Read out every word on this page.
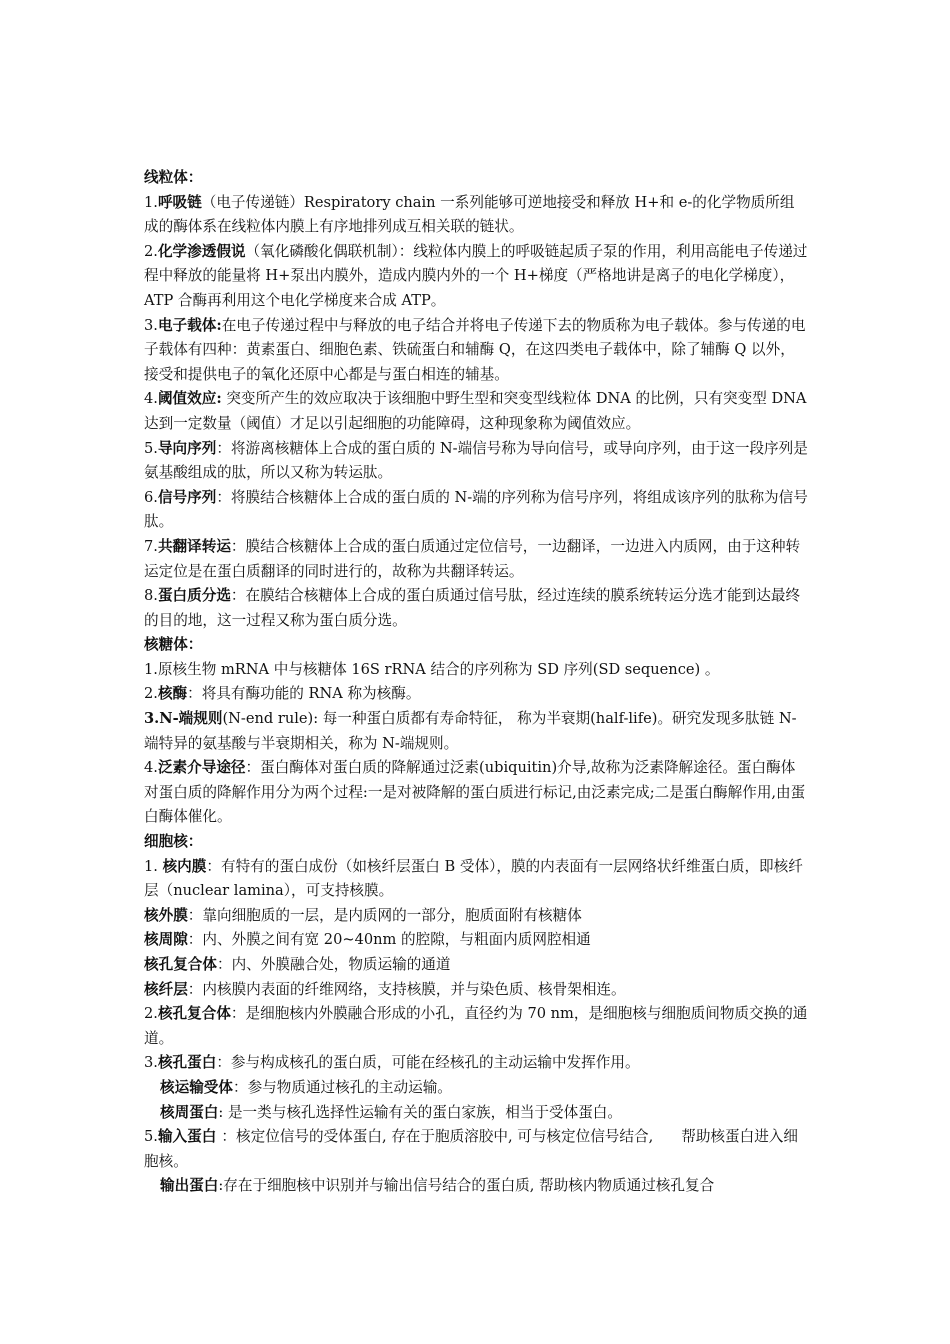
线粒体：

1.呼吸链（电子传递链）Respiratory chain 一系列能够可逆地接受和释放 H+和 e-的化学物质所组成的酶体系在线粒体内膜上有序地排列成互相关联的链状。

2.化学渗透假说（氧化磷酸化偶联机制）：线粒体内膜上的呼吸链起质子泵的作用，利用高能电子传递过程中释放的能量将 H+泵出内膜外，造成内膜内外的一个 H+梯度（严格地讲是离子的电化学梯度），ATP 合酶再利用这个电化学梯度来合成 ATP。

3.电子载体:在电子传递过程中与释放的电子结合并将电子传递下去的物质称为电子载体。参与传递的电子载体有四种：黄素蛋白、细胞色素、铁硫蛋白和辅酶 Q，在这四类电子载体中，除了辅酶 Q 以外，接受和提供电子的氧化还原中心都是与蛋白相连的辅基。

4.阈值效应: 突变所产生的效应取决于该细胞中野生型和突变型线粒体 DNA 的比例，只有突变型 DNA 达到一定数量（阈值）才足以引起细胞的功能障碍，这种现象称为阈值效应。

5.导向序列：将游离核糖体上合成的蛋白质的 N-端信号称为导向信号，或导向序列，由于这一段序列是氨基酸组成的肽，所以又称为转运肽。

6.信号序列：将膜结合核糖体上合成的蛋白质的 N-端的序列称为信号序列，将组成该序列的肽称为信号肽。

7.共翻译转运：膜结合核糖体上合成的蛋白质通过定位信号，一边翻译，一边进入内质网，由于这种转运定位是在蛋白质翻译的同时进行的，故称为共翻译转运。

8.蛋白质分选：在膜结合核糖体上合成的蛋白质通过信号肽，经过连续的膜系统转运分选才能到达最终的目的地，这一过程又称为蛋白质分选。

核糖体：

1.原核生物 mRNA 中与核糖体 16S rRNA 结合的序列称为 SD 序列(SD sequence) 。

2.核酶：将具有酶功能的 RNA 称为核酶。

3.N-端规则(N-end rule): 每一种蛋白质都有寿命特征， 称为半衰期(half-life)。研究发现多肽链 N-端特异的氨基酸与半衰期相关，称为 N-端规则。

4.泛素介导途径：蛋白酶体对蛋白质的降解通过泛素(ubiquitin)介导,故称为泛素降解途径。蛋白酶体对蛋白质的降解作用分为两个过程:一是对被降解的蛋白质进行标记,由泛素完成;二是蛋白酶解作用,由蛋白酶体催化。

细胞核：

1. 核内膜：有特有的蛋白成份（如核纤层蛋白 B 受体），膜的内表面有一层网络状纤维蛋白质，即核纤层（nuclear lamina），可支持核膜。

核外膜：靠向细胞质的一层，是内质网的一部分，胞质面附有核糖体

核周隙：内、外膜之间有宽 20~40nm 的腔隙，与粗面内质网腔相通

核孔复合体：内、外膜融合处，物质运输的通道

核纤层：内核膜内表面的纤维网络，支持核膜，并与染色质、核骨架相连。

2.核孔复合体：是细胞核内外膜融合形成的小孔，直径约为 70 nm，是细胞核与细胞质间物质交换的通道。

3.核孔蛋白：参与构成核孔的蛋白质，可能在经核孔的主动运输中发挥作用。

核运输受体：参与物质通过核孔的主动运输。

核周蛋白: 是一类与核孔选择性运输有关的蛋白家族，相当于受体蛋白。

5.输入蛋白 ：核定位信号的受体蛋白, 存在于胞质溶胶中, 可与核定位信号结合, 帮助核蛋白进入细胞核。

输出蛋白:存在于细胞核中识别并与输出信号结合的蛋白质, 帮助核内物质通过核孔复合
